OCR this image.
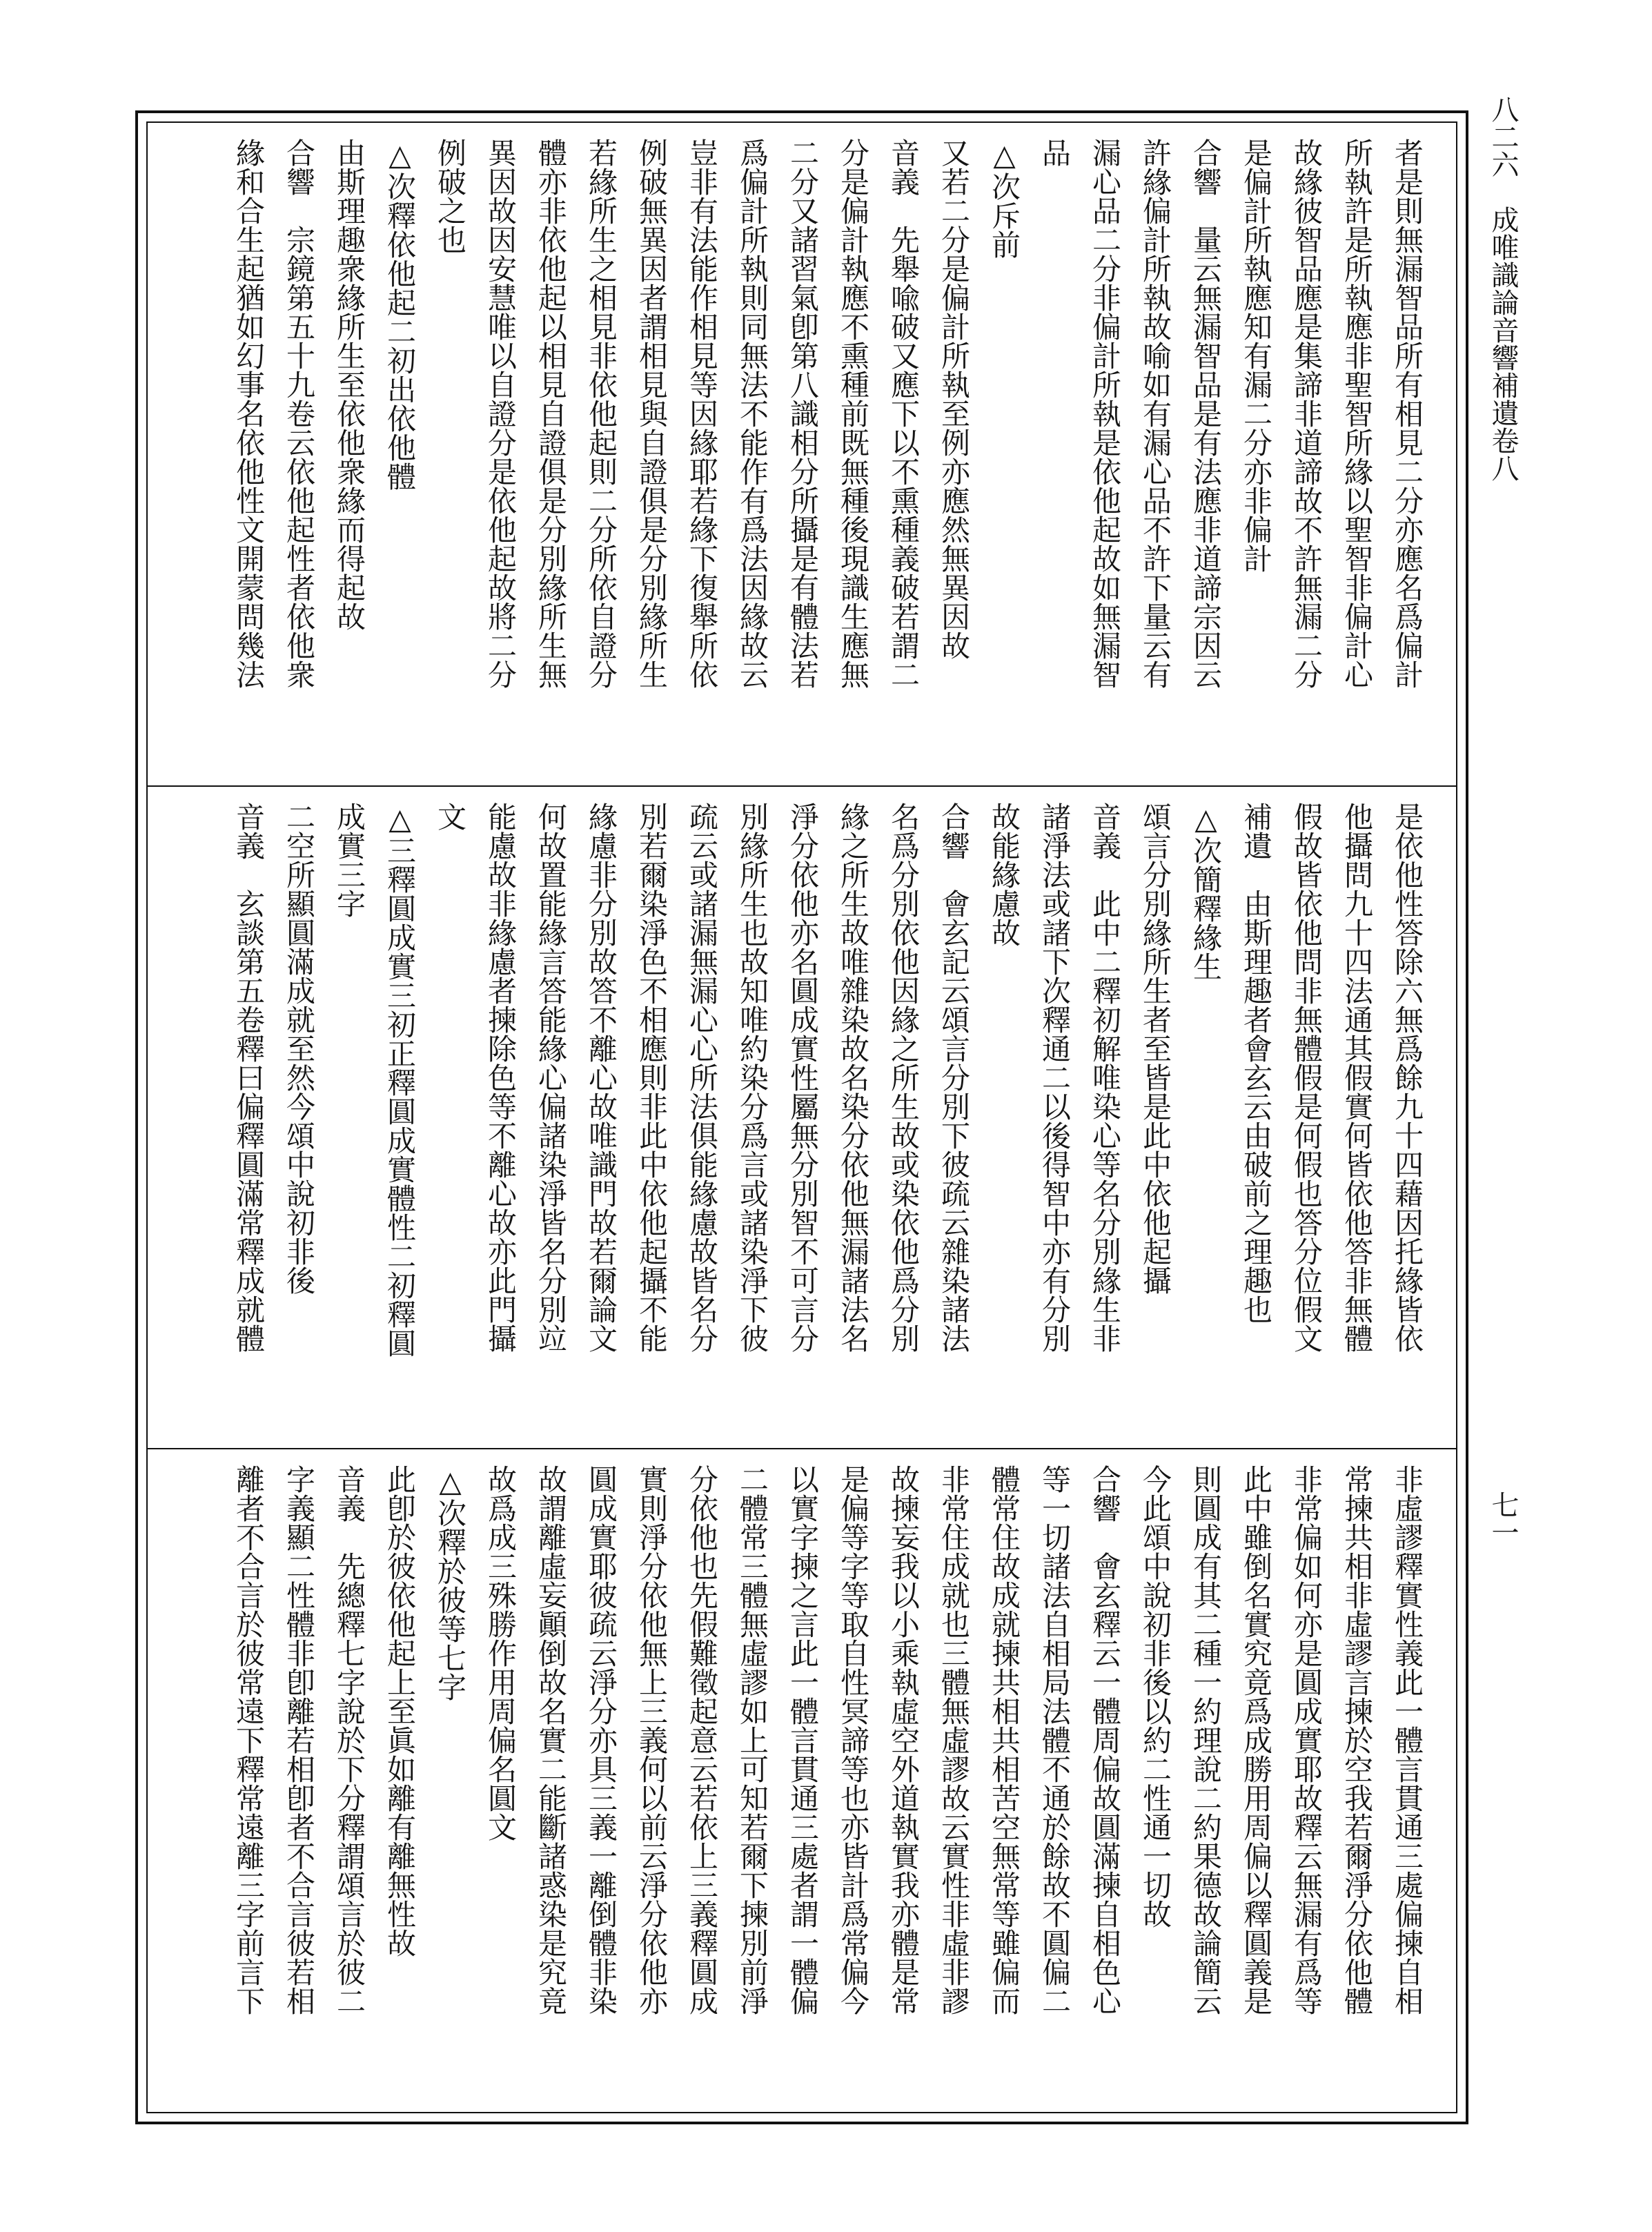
八二六　成唯識論音響補遺卷八
七一
者是則無漏智品所有相見二分亦應名爲偏計
所執許是所執應非聖智所緣以聖智非偏計心
故緣彼智品應是集諦非道諦故不許無漏二分
是偏計所執應知有漏二分亦非偏計
合響　量云無漏智品是有法應非道諦宗因云
許緣偏計所執故喻如有漏心品不許下量云有
漏心品二分非偏計所執是依他起故如無漏智
品
△次斥前
又若二分是偏計所執至例亦應然無異因故
音義　先舉喩破又應下以不熏種義破若謂二
分是偏計執應不熏種前既無種後現識生應無
二分又諸習氣卽第八識相分所攝是有體法若
爲偏計所執則同無法不能作有爲法因緣故云
豈非有法能作相見等因緣耶若緣下復舉所依
例破無異因者謂相見與自證俱是分別緣所生
若緣所生之相見非依他起則二分所依自證分
體亦非依他起以相見自證俱是分別緣所生無
異因故因安慧唯以自證分是依他起故將二分
例破之也
△次釋依他起二初出依他體
由斯理趣衆緣所生至依他衆緣而得起故
合響　宗鏡第五十九卷云依他起性者依他衆
緣和合生起猶如幻事名依他性文開蒙問幾法
是依他性答除六無爲餘九十四藉因托緣皆依
他攝問九十四法通其假實何皆依他答非無體
假故皆依他問非無體假是何假也答分位假文
補遺　由斯理趣者會玄云由破前之理趣也
△次簡釋緣生
頌言分別緣所生者至皆是此中依他起攝
音義　此中二釋初解唯染心等名分別緣生非
諸淨法或諸下次釋通二以後得智中亦有分別
故能緣慮故
合響　會玄記云頌言分別下彼疏云雜染諸法
名爲分別依他因緣之所生故或染依他爲分別
緣之所生故唯雜染故名染分依他無漏諸法名
淨分依他亦名圓成實性屬無分別智不可言分
別緣所生也故知唯約染分爲言或諸染淨下彼
疏云或諸漏無漏心心所法俱能緣慮故皆名分
別若爾染淨色不相應則非此中依他起攝不能
緣慮非分別故答不離心故唯識門故若爾論文
何故置能緣言答能緣心偏諸染淨皆名分別竝
能慮故非緣慮者揀除色等不離心故亦此門攝
文
△三釋圓成實三初正釋圓成實體性二初釋圓
成實三字
二空所顯圓滿成就至然今頌中說初非後
音義　玄談第五卷釋曰偏釋圓滿常釋成就體
非虛謬釋實性義此一體言貫通三處偏揀自相
常揀共相非虛謬言揀於空我若爾淨分依他體
非常偏如何亦是圓成實耶故釋云無漏有爲等
此中雖倒名實究竟爲成勝用周偏以釋圓義是
則圓成有其二種一約理說二約果德故論簡云
今此頌中說初非後以約二性通一切故
合響　會玄釋云一體周偏故圓滿揀自相色心
等一切諸法自相局法體不通於餘故不圓偏二
體常住故成就揀共相共相苦空無常等雖偏而
非常住成就也三體無虛謬故云實性非虛非謬
故揀妄我以小乘執虛空外道執實我亦體是常
是偏等字等取自性冥諦等也亦皆計爲常偏今
以實字揀之言此一體言貫通三處者謂一體偏
二體常三體無虛謬如上可知若爾下揀別前淨
分依他也先假難徵起意云若依上三義釋圓成
實則淨分依他無上三義何以前云淨分依他亦
圓成實耶彼疏云淨分亦具三義一離倒體非染
故謂離虛妄顚倒故名實二能斷諸惑染是究竟
故爲成三殊勝作用周偏名圓文
△次釋於彼等七字
此卽於彼依他起上至眞如離有離無性故
音義　先總釋七字說於下分釋謂頌言於彼二
字義顯二性體非卽離若相卽者不合言彼若相
離者不合言於彼常遠下釋常遠離三字前言下
